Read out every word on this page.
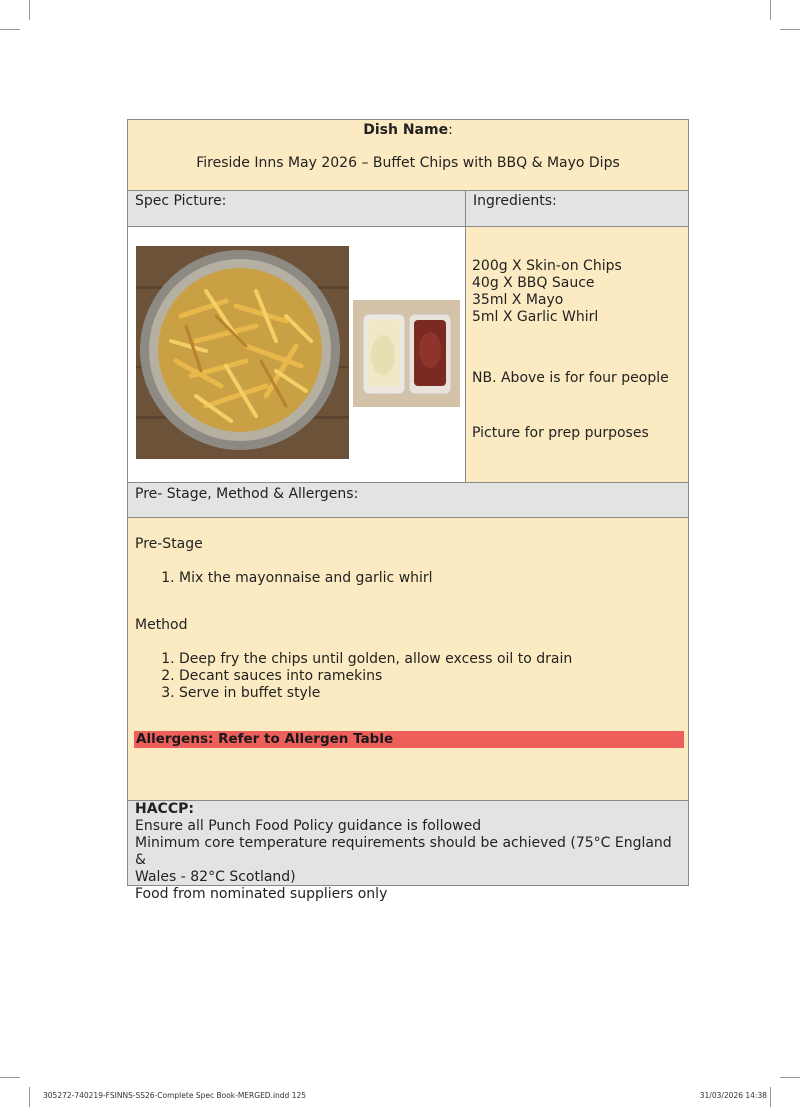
Dish Name:
Fireside Inns May 2026 – Buffet Chips with BBQ & Mayo Dips
Spec Picture:	Ingredients:
200g X Skin-on Chips
40g X BBQ Sauce
35ml X Mayo
5ml X Garlic Whirl
NB. Above is for four people
Picture for prep purposes
Pre- Stage, Method & Allergens:
Pre-Stage
1. Mix the mayonnaise and garlic whirl
Method
1. Deep fry the chips until golden, allow excess oil to drain
2. Decant sauces into ramekins
3. Serve in buffet style
Allergens: Refer to Allergen Table
HACCP:
Ensure all Punch Food Policy guidance is followed
Minimum core temperature requirements should be achieved (75°C England &
Wales - 82°C Scotland)
Food from nominated suppliers only
305272-740219-FSINNS-SS26-Complete Spec Book-MERGED.indd 125	31/03/2026 14:38
